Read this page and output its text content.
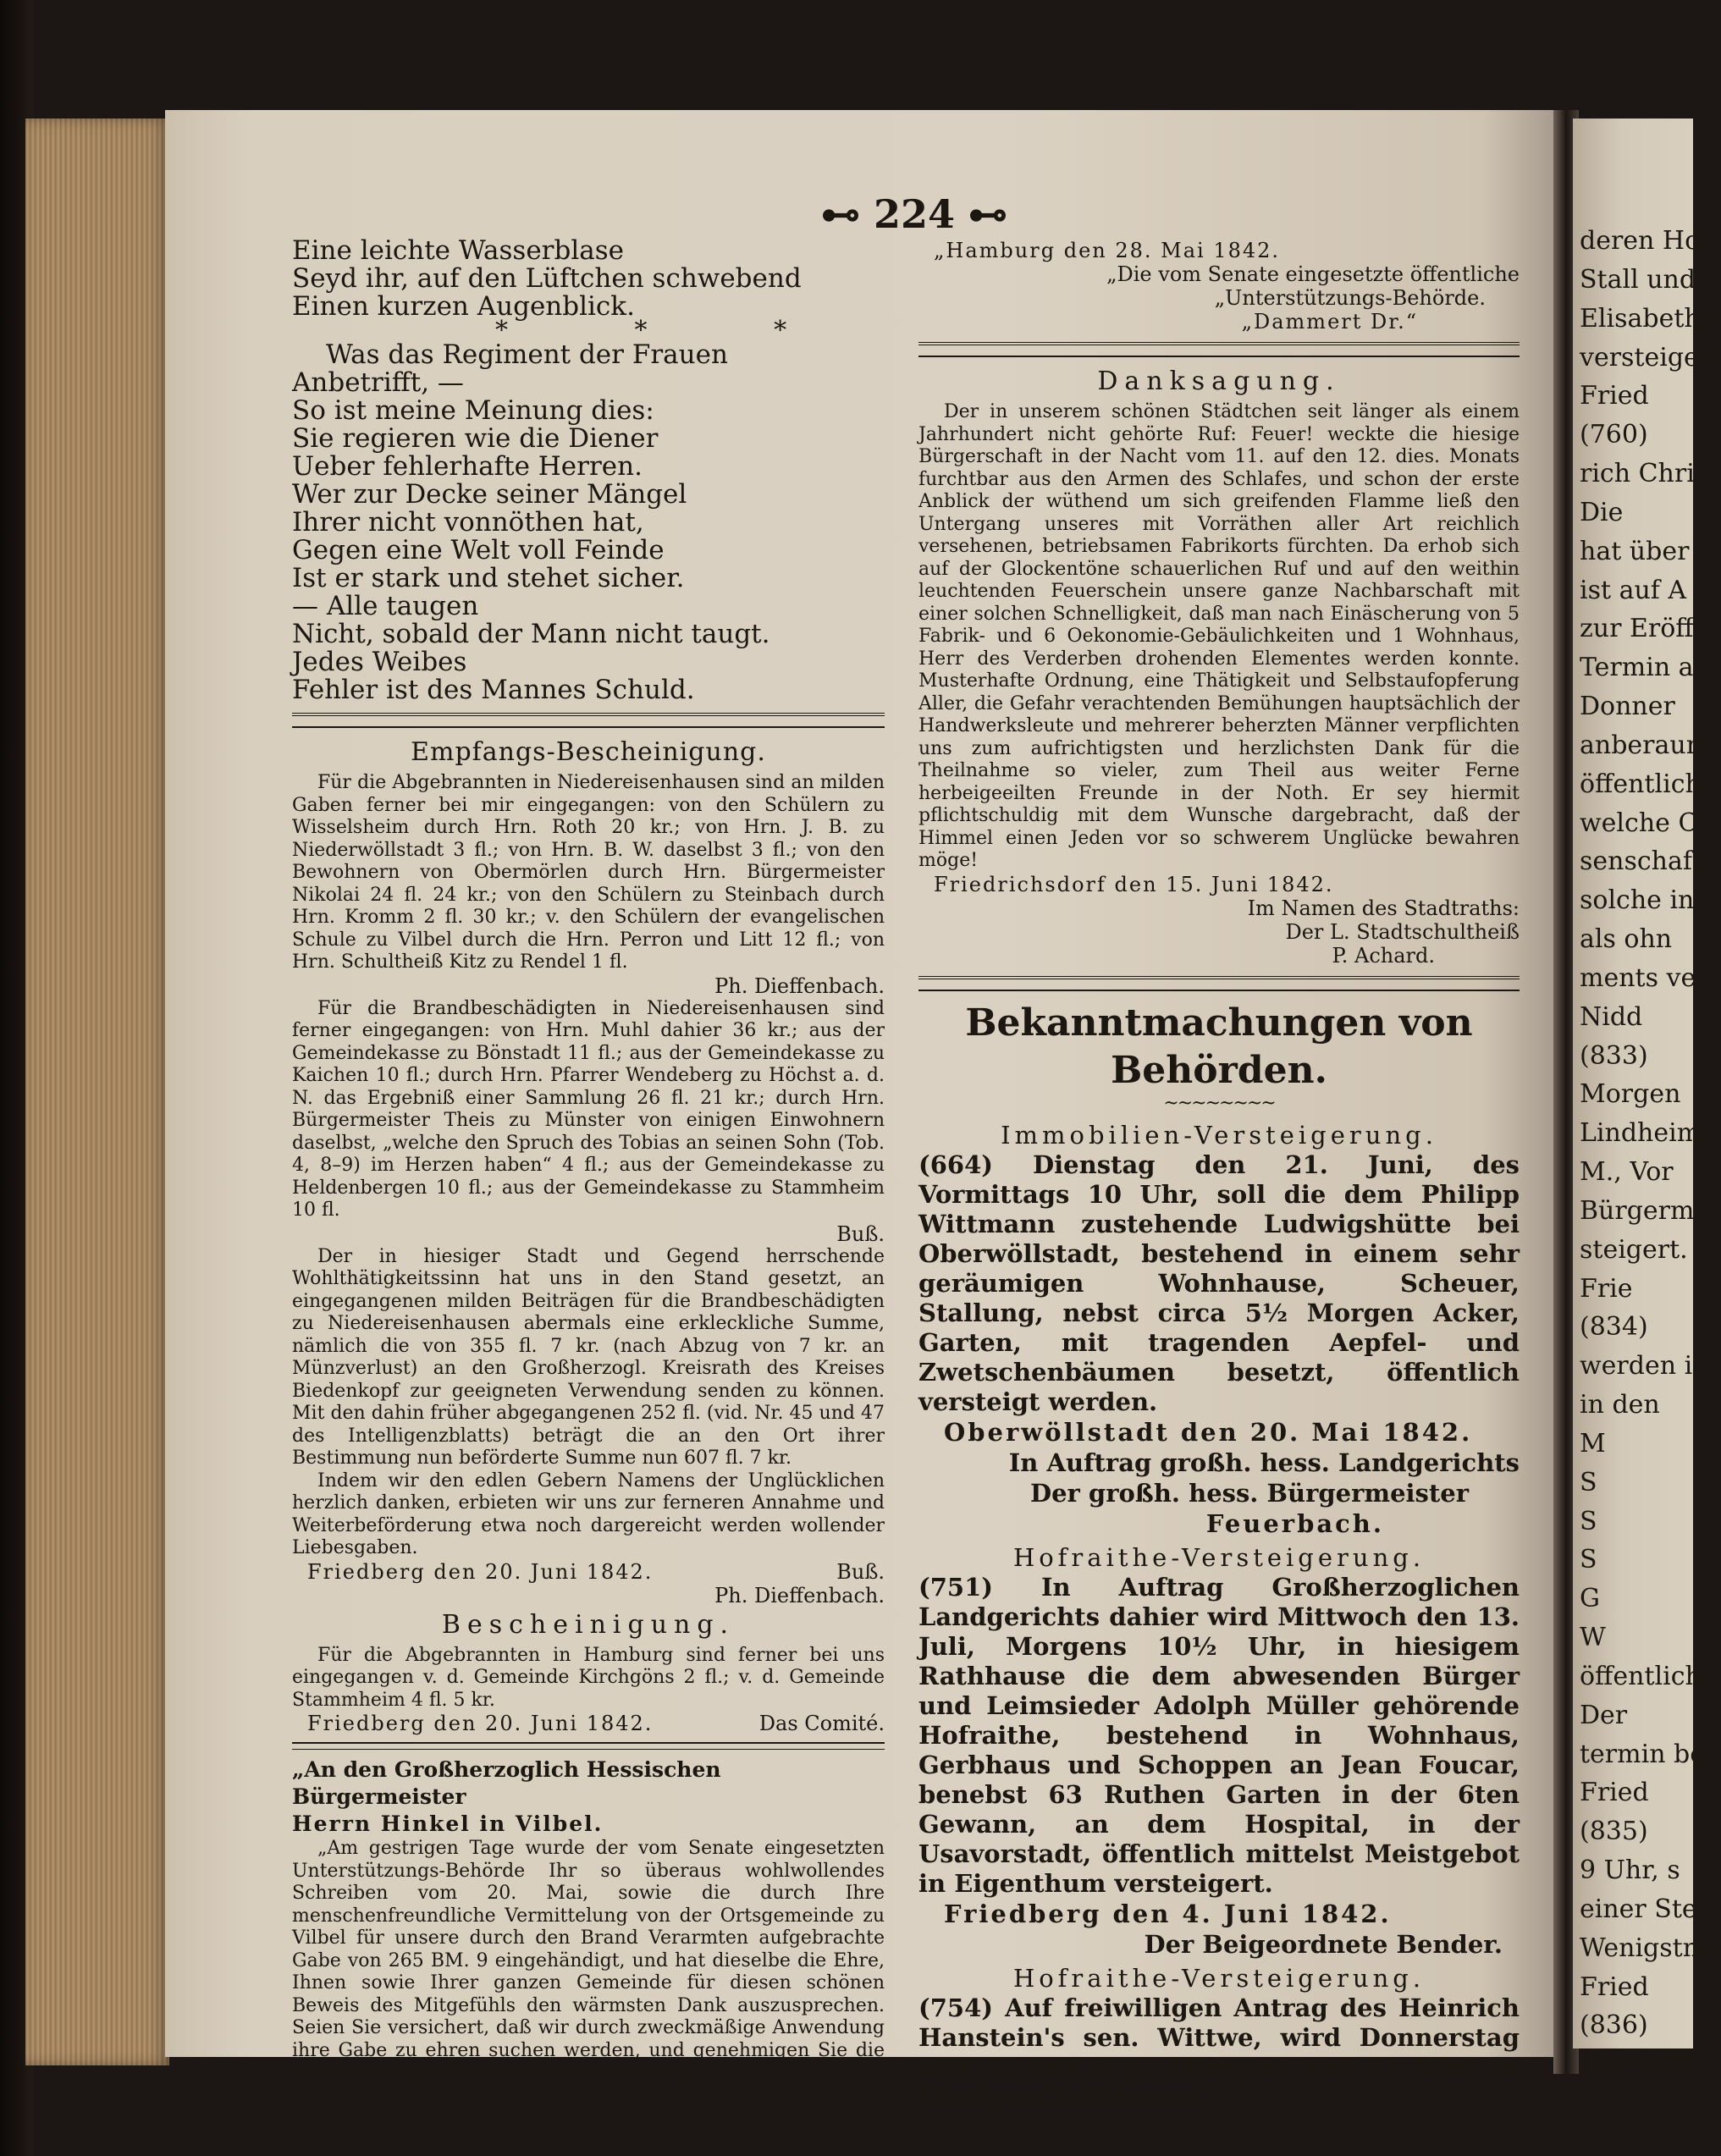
deren Hof
Stall und
Elisabethe
versteigert
Fried
(760)
rich Chri
Die
hat über
ist auf A
zur Eröff
Termin a
Donner
anberaum
öffentlich
welche C
senschaft
solche in
als ohn
ments ve
Nidd
(833)
Morgen
Lindheim
M., Vor
Bürgerm
steigert.
Frie
(834)
werden i
in den
M
S
S
S
G
W
öffentlich
Der
termin be
Fried
(835)
9 Uhr, s
einer Ste
Wenigstne
Fried
(836)
Uhr, soll
⊷ 224 ⊷
Eine leichte Wasserblase
Seyd ihr, auf den Lüftchen schwebend
Einen kurzen Augenblick.
* * *
Was das Regiment der Frauen
Anbetrifft, —
So ist meine Meinung dies:
Sie regieren wie die Diener
Ueber fehlerhafte Herren.
Wer zur Decke seiner Mängel
Ihrer nicht vonnöthen hat,
Gegen eine Welt voll Feinde
Ist er stark und stehet sicher.
— Alle taugen
Nicht, sobald der Mann nicht taugt.
Jedes Weibes
Fehler ist des Mannes Schuld.
Empfangs-Bescheinigung.

Für die Abgebrannten in Niedereisenhausen sind an milden Gaben ferner bei mir eingegangen: von den Schülern zu Wisselsheim durch Hrn. Roth 20 kr.; von Hrn. J. B. zu Niederwöllstadt 3 fl.; von Hrn. B. W. daselbst 3 fl.; von den Bewohnern von Obermörlen durch Hrn. Bürgermeister Nikolai 24 fl. 24 kr.; von den Schülern zu Steinbach durch Hrn. Kromm 2 fl. 30 kr.; v. den Schülern der evangelischen Schule zu Vilbel durch die Hrn. Perron und Litt 12 fl.; von Hrn. Schultheiß Kitz zu Rendel 1 fl.

Ph. Dieffenbach.

Für die Brandbeschädigten in Niedereisenhausen sind ferner eingegangen: von Hrn. Muhl dahier 36 kr.; aus der Gemeindekasse zu Bönstadt 11 fl.; aus der Gemeindekasse zu Kaichen 10 fl.; durch Hrn. Pfarrer Wendeberg zu Höchst a. d. N. das Ergebniß einer Sammlung 26 fl. 21 kr.; durch Hrn. Bürgermeister Theis zu Münster von einigen Einwohnern daselbst, „welche den Spruch des Tobias an seinen Sohn (Tob. 4, 8–9) im Herzen haben“ 4 fl.; aus der Gemeindekasse zu Heldenbergen 10 fl.; aus der Gemeindekasse zu Stammheim 10 fl.

Buß.

Der in hiesiger Stadt und Gegend herrschende Wohlthätigkeitssinn hat uns in den Stand gesetzt, an eingegangenen milden Beiträgen für die Brandbeschädigten zu Niedereisenhausen abermals eine erkleckliche Summe, nämlich die von 355 fl. 7 kr. (nach Abzug von 7 kr. an Münzverlust) an den Großherzogl. Kreisrath des Kreises Biedenkopf zur geeigneten Verwendung senden zu können. Mit den dahin früher abgegangenen 252 fl. (vid. Nr. 45 und 47 des Intelligenzblatts) beträgt die an den Ort ihrer Bestimmung nun beförderte Summe nun 607 fl. 7 kr.

Indem wir den edlen Gebern Namens der Unglücklichen herzlich danken, erbieten wir uns zur ferneren Annahme und Weiterbeförderung etwa noch dargereicht werden wollender Liebesgaben.

Friedberg den 20. Juni 1842.	Buß.
Ph. Dieffenbach.
Bescheinigung.

Für die Abgebrannten in Hamburg sind ferner bei uns eingegangen v. d. Gemeinde Kirchgöns 2 fl.; v. d. Gemeinde Stammheim 4 fl. 5 kr.

Friedberg den 20. Juni 1842.	Das Comité.
„An den Großherzoglich Hessischen Bürgermeister
Herrn Hinkel in Vilbel.

„Am gestrigen Tage wurde der vom Senate eingesetzten Unterstützungs-Behörde Ihr so überaus wohlwollendes Schreiben vom 20. Mai, sowie die durch Ihre menschenfreundliche Vermittelung von der Ortsgemeinde zu Vilbel für unsere durch den Brand Verarmten aufgebrachte Gabe von 265 BM. 9 eingehändigt, und hat dieselbe die Ehre, Ihnen sowie Ihrer ganzen Gemeinde für diesen schönen Beweis des Mitgefühls den wärmsten Dank auszusprechen. Seien Sie versichert, daß wir durch zweckmäßige Anwendung ihre Gabe zu ehren suchen werden, und genehmigen Sie die Versicherung vollkommener Hochachtung.

„Hamburg den 28. Mai 1842.
„Die vom Senate eingesetzte öffentliche
„Unterstützungs-Behörde.
„Dammert Dr.“
Danksagung.

Der in unserem schönen Städtchen seit länger als einem Jahrhundert nicht gehörte Ruf: Feuer! weckte die hiesige Bürgerschaft in der Nacht vom 11. auf den 12. dies. Monats furchtbar aus den Armen des Schlafes, und schon der erste Anblick der wüthend um sich greifenden Flamme ließ den Untergang unseres mit Vorräthen aller Art reichlich versehenen, betriebsamen Fabrikorts fürchten. Da erhob sich auf der Glockentöne schauerlichen Ruf und auf den weithin leuchtenden Feuerschein unsere ganze Nachbarschaft mit einer solchen Schnelligkeit, daß man nach Einäscherung von 5 Fabrik- und 6 Oekonomie-Gebäulichkeiten und 1 Wohnhaus, Herr des Verderben drohenden Elementes werden konnte. Musterhafte Ordnung, eine Thätigkeit und Selbstaufopferung Aller, die Gefahr verachtenden Bemühungen hauptsächlich der Handwerksleute und mehrerer beherzten Männer verpflichten uns zum aufrichtigsten und herzlichsten Dank für die Theilnahme so vieler, zum Theil aus weiter Ferne herbeigeeilten Freunde in der Noth. Er sey hiermit pflichtschuldig mit dem Wunsche dargebracht, daß der Himmel einen Jeden vor so schwerem Unglücke bewahren möge!

Friedrichsdorf den 15. Juni 1842.
Im Namen des Stadtraths:
Der L. Stadtschultheiß
P. Achard.
Bekanntmachungen von Behörden.
~~~~~~~~
Immobilien-Versteigerung.

(664) Dienstag den 21. Juni, des Vormittags 10 Uhr, soll die dem Philipp Wittmann zustehende Ludwigshütte bei Oberwöllstadt, bestehend in einem sehr geräumigen Wohnhause, Scheuer, Stallung, nebst circa 5½ Morgen Acker, Garten, mit tragenden Aepfel- und Zwetschenbäumen besetzt, öffentlich versteigt werden.

Oberwöllstadt den 20. Mai 1842.
In Auftrag großh. hess. Landgerichts
Der großh. hess. Bürgermeister
Feuerbach.
Hofraithe-Versteigerung.

(751) In Auftrag Großherzoglichen Landgerichts dahier wird Mittwoch den 13. Juli, Morgens 10½ Uhr, in hiesigem Rathhause die dem abwesenden Bürger und Leimsieder Adolph Müller gehörende Hofraithe, bestehend in Wohnhaus, Gerbhaus und Schoppen an Jean Foucar, benebst 63 Ruthen Garten in der 6ten Gewann, an dem Hospital, in der Usavorstadt, öffentlich mittelst Meistgebot in Eigenthum versteigert.

Friedberg den 4. Juni 1842.
Der Beigeordnete Bender.
Hofraithe-Versteigerung.

(754) Auf freiwilligen Antrag des Heinrich Hanstein's sen. Wittwe, wird Donnerstag den 7. Juli l. J., Morgens um 11 Uhr, in hiesigem Rathhause
